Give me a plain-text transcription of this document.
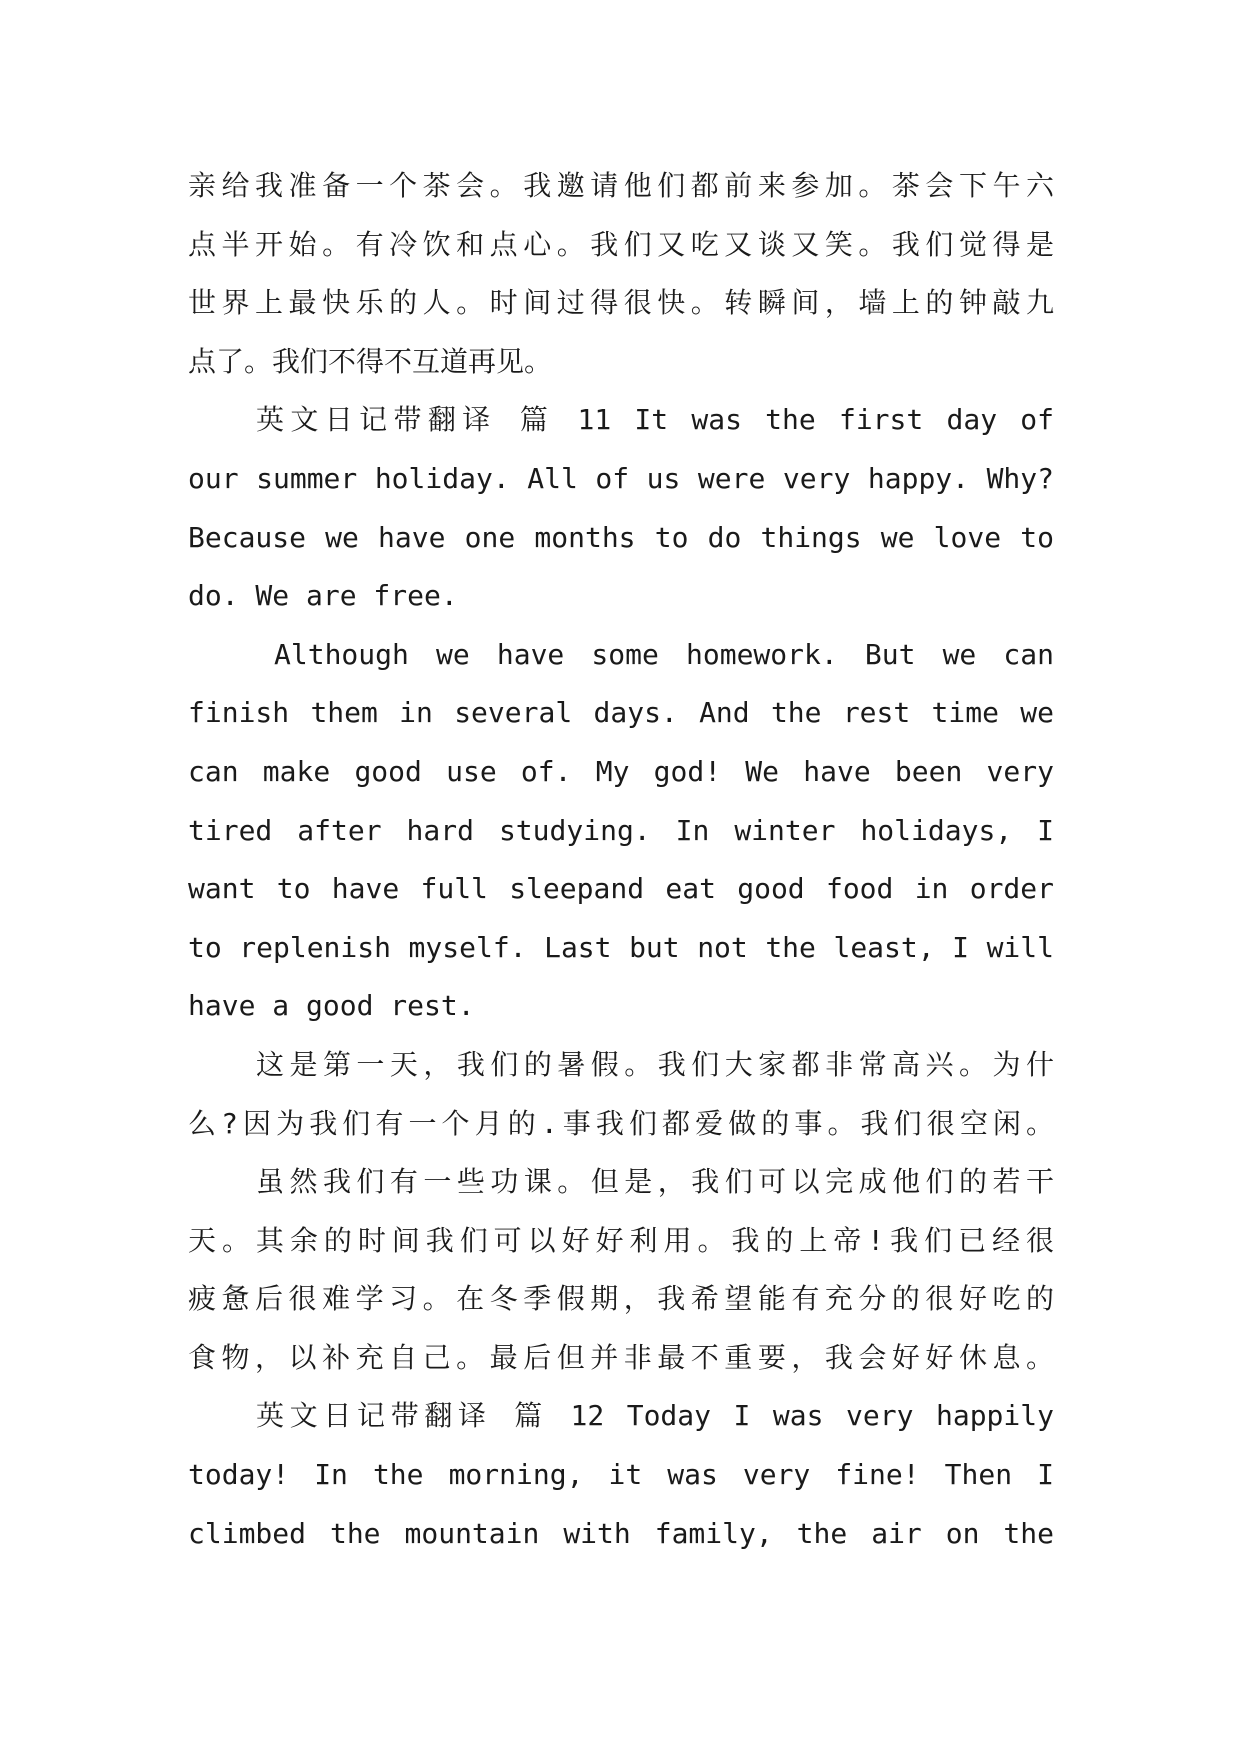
亲给我准备一个茶会。我邀请他们都前来参加。茶会下午六
点半开始。有冷饮和点心。我们又吃又谈又笑。我们觉得是
世界上最快乐的人。时间过得很快。转瞬间，墙上的钟敲九
点了。我们不得不互道再见。
英文日记带翻译 篇 11 It was the first day of
our summer holiday. All of us were very happy. Why?
Because we have one months to do things we love to
do. We are free.
Although we have some homework. But we can
finish them in several days. And the rest time we
can make good use of. My god! We have been very
tired after hard studying. In winter holidays, I
want to have full sleepand eat good food in order
to replenish myself. Last but not the least, I will
have a good rest.
这是第一天，我们的暑假。我们大家都非常高兴。为什
么?因为我们有一个月的.事我们都爱做的事。我们很空闲。
虽然我们有一些功课。但是，我们可以完成他们的若干
天。其余的时间我们可以好好利用。我的上帝!我们已经很
疲惫后很难学习。在冬季假期，我希望能有充分的很好吃的
食物，以补充自己。最后但并非最不重要，我会好好休息。
英文日记带翻译 篇 12 Today I was very happily
today! In the morning, it was very fine! Then I
climbed the mountain with family, the air on the
